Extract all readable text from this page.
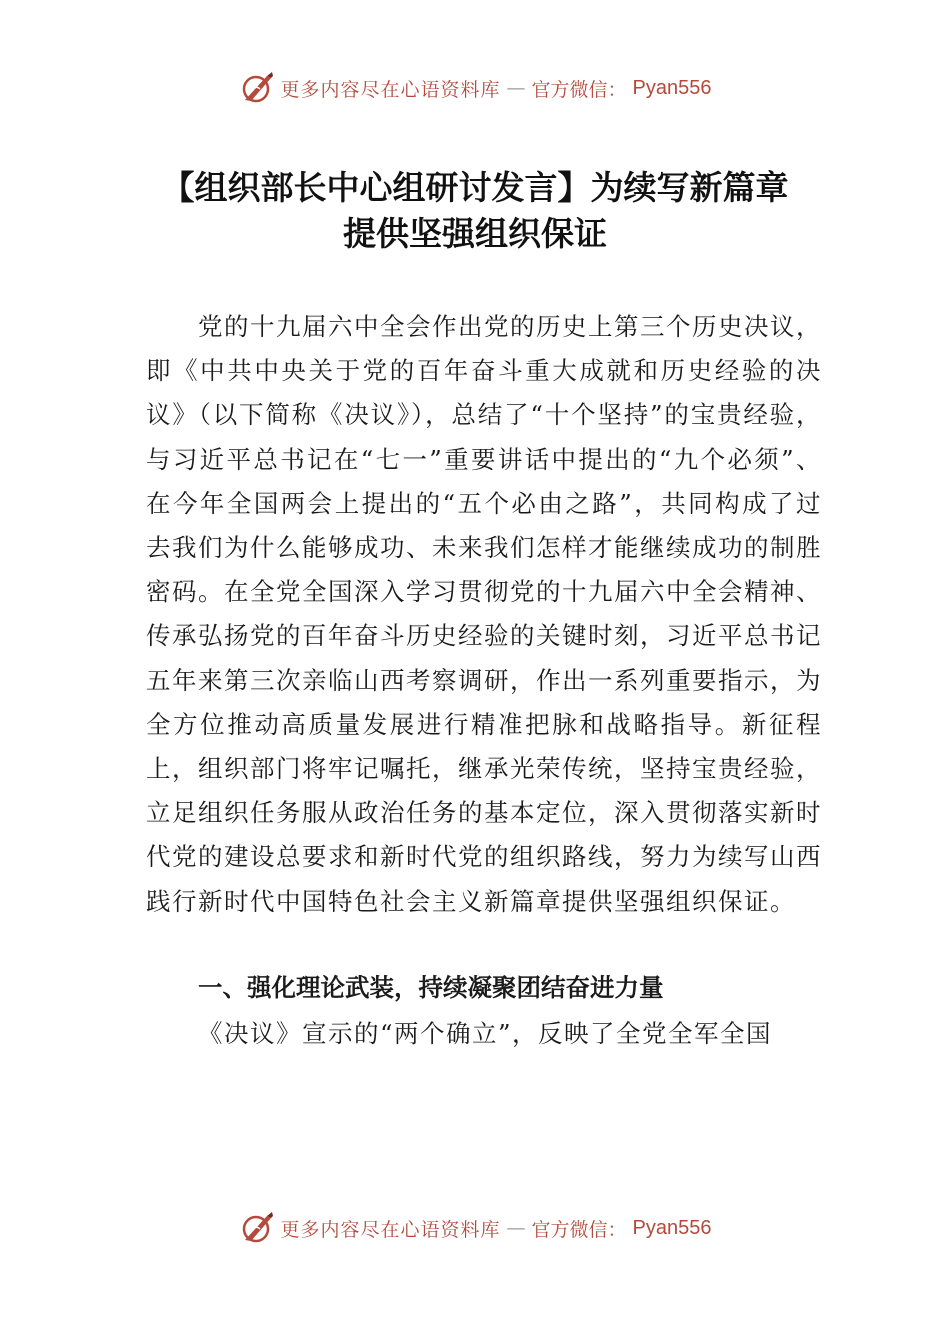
更多内容尽在心语资料库 — 官方微信： Pyan556
【组织部长中心组研讨发言】为续写新篇章
提供坚强组织保证

党的十九届六中全会作出党的历史上第三个历史决议，即《中共中央关于党的百年奋斗重大成就和历史经验的决议》（以下简称《决议》），总结了“十个坚持”的宝贵经验，与习近平总书记在“七一”重要讲话中提出的“九个必须”、在今年全国两会上提出的“五个必由之路”，共同构成了过去我们为什么能够成功、未来我们怎样才能继续成功的制胜密码。在全党全国深入学习贯彻党的十九届六中全会精神、传承弘扬党的百年奋斗历史经验的关键时刻，习近平总书记五年来第三次亲临山西考察调研，作出一系列重要指示，为全方位推动高质量发展进行精准把脉和战略指导。新征程上，组织部门将牢记嘱托，继承光荣传统，坚持宝贵经验，立足组织任务服从政治任务的基本定位，深入贯彻落实新时代党的建设总要求和新时代党的组织路线，努力为续写山西践行新时代中国特色社会主义新篇章提供坚强组织保证。

一、强化理论武装，持续凝聚团结奋进力量

《决议》宣示的“两个确立”，反映了全党全军全国

更多内容尽在心语资料库 — 官方微信： Pyan556
